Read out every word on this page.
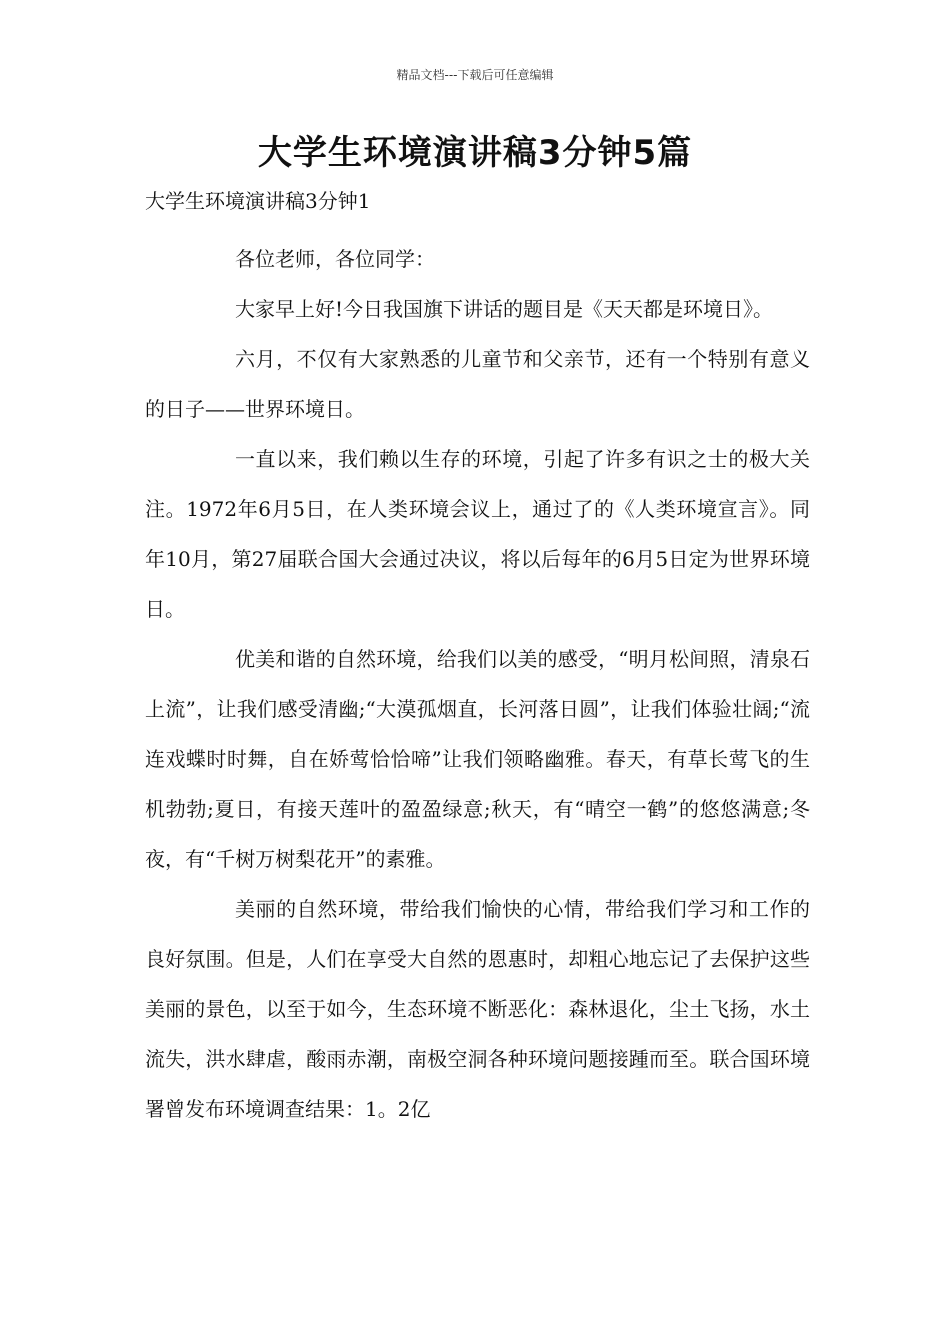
精品文档---下载后可任意编辑
大学生环境演讲稿3分钟5篇

大学生环境演讲稿3分钟1

各位老师，各位同学：

大家早上好!今日我国旗下讲话的题目是《天天都是环境日》。

六月，不仅有大家熟悉的儿童节和父亲节，还有一个特别有意义的日子——世界环境日。

一直以来，我们赖以生存的环境，引起了许多有识之士的极大关注。1972年6月5日，在人类环境会议上，通过了的《人类环境宣言》。同年10月，第27届联合国大会通过决议，将以后每年的6月5日定为世界环境日。

优美和谐的自然环境，给我们以美的感受，“明月松间照，清泉石上流”，让我们感受清幽;“大漠孤烟直，长河落日圆”，让我们体验壮阔;“流连戏蝶时时舞，自在娇莺恰恰啼”让我们领略幽雅。春天，有草长莺飞的生机勃勃;夏日，有接天莲叶的盈盈绿意;秋天，有“晴空一鹤”的悠悠满意;冬夜，有“千树万树梨花开”的素雅。

美丽的自然环境，带给我们愉快的心情，带给我们学习和工作的良好氛围。但是，人们在享受大自然的恩惠时，却粗心地忘记了去保护这些美丽的景色，以至于如今，生态环境不断恶化：森林退化，尘土飞扬，水土流失，洪水肆虐，酸雨赤潮，南极空洞各种环境问题接踵而至。联合国环境署曾发布环境调查结果：1。2亿
